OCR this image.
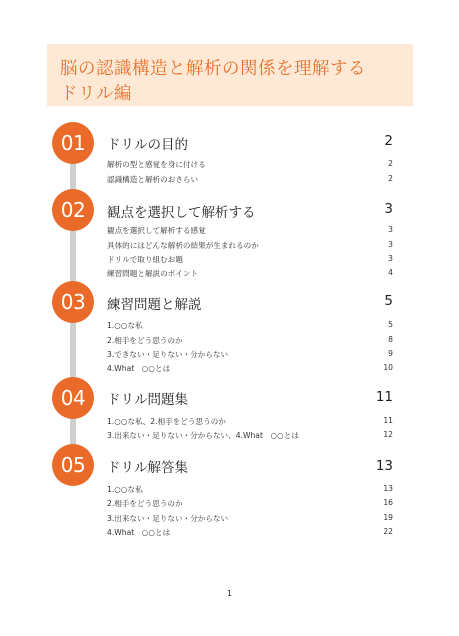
脳の認識構造と解析の関係を理解する
ドリル編
01	ドリルの目的	2
解析の型と感覚を身に付ける	2
認識構造と解析のおさらい	2
02	観点を選択して解析する	3
観点を選択して解析する感覚	3
具体的にはどんな解析の結果が生まれるのか	3
ドリルで取り組むお題	3
練習問題と解説のポイント	4
03	練習問題と解説	5
1.○○な私	5
2.相手をどう思うのか	8
3.できない・足りない・分からない	9
4.What　○○とは	10
04	ドリル問題集	11
1.○○な私、2.相手をどう思うのか	11
3.出来ない・足りない・分からない、4.What　○○とは	12
05	ドリル解答集	13
1.○○な私	13
2.相手をどう思うのか	16
3.出来ない・足りない・分からない	19
4.What　○○とは	22
1
